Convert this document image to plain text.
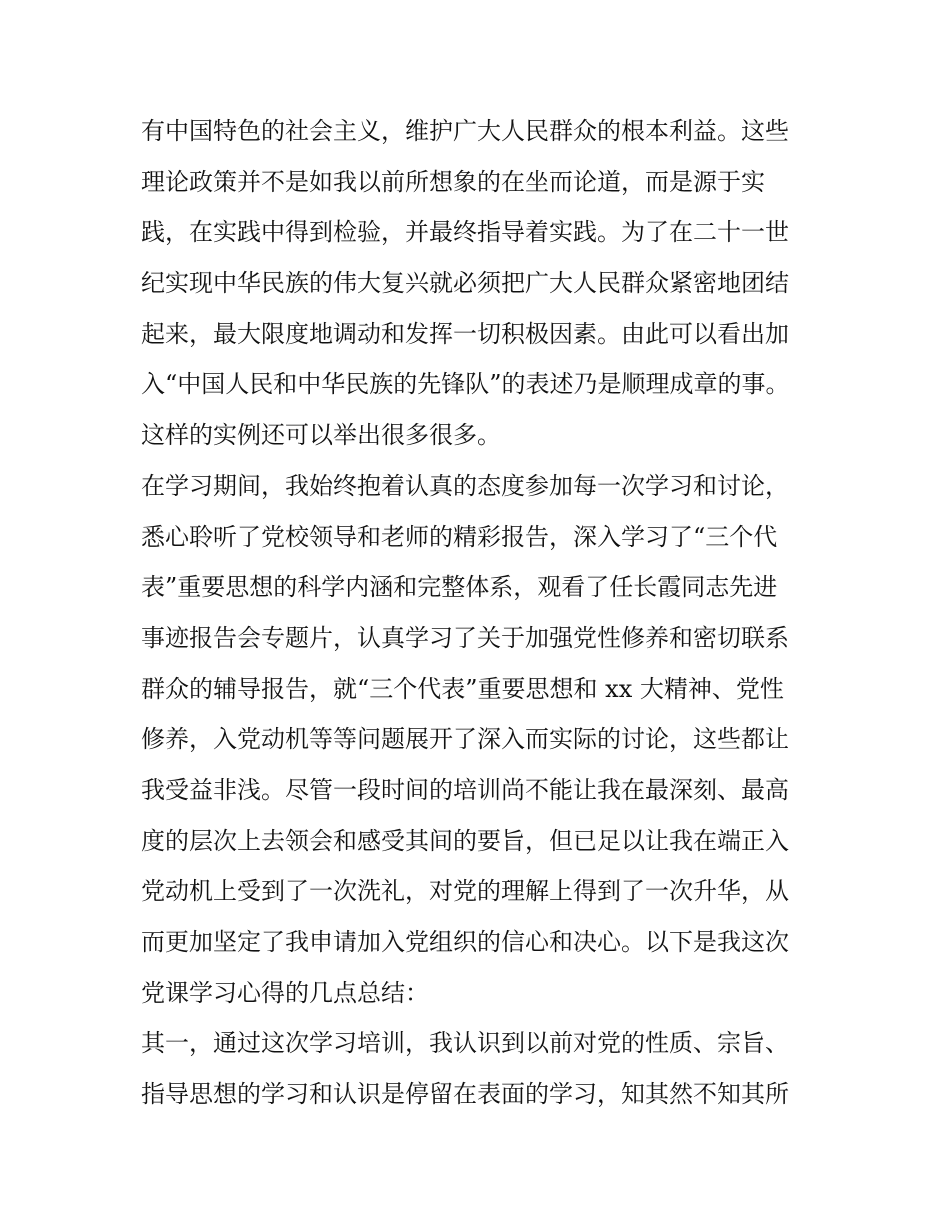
有中国特色的社会主义，维护广大人民群众的根本利益。这些
理论政策并不是如我以前所想象的在坐而论道，而是源于实
践，在实践中得到检验，并最终指导着实践。为了在二十一世
纪实现中华民族的伟大复兴就必须把广大人民群众紧密地团结
起来，最大限度地调动和发挥一切积极因素。由此可以看出加
入“中国人民和中华民族的先锋队”的表述乃是顺理成章的事。
这样的实例还可以举出很多很多。
在学习期间，我始终抱着认真的态度参加每一次学习和讨论，
悉心聆听了党校领导和老师的精彩报告，深入学习了“三个代
表”重要思想的科学内涵和完整体系，观看了任长霞同志先进
事迹报告会专题片，认真学习了关于加强党性修养和密切联系
群众的辅导报告，就“三个代表”重要思想和 xx 大精神、党性
修养，入党动机等等问题展开了深入而实际的讨论，这些都让
我受益非浅。尽管一段时间的培训尚不能让我在最深刻、最高
度的层次上去领会和感受其间的要旨，但已足以让我在端正入
党动机上受到了一次洗礼，对党的理解上得到了一次升华，从
而更加坚定了我申请加入党组织的信心和决心。以下是我这次
党课学习心得的几点总结：
其一，通过这次学习培训，我认识到以前对党的性质、宗旨、
指导思想的学习和认识是停留在表面的学习，知其然不知其所
